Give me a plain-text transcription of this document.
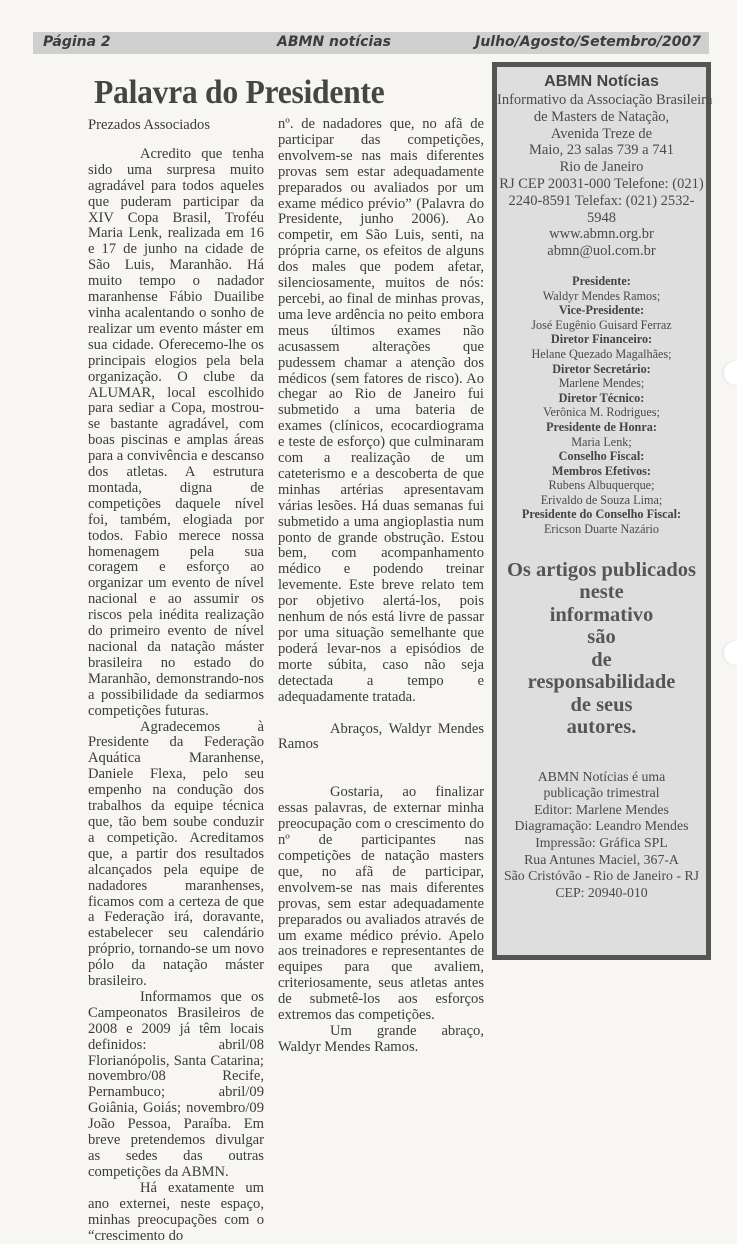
Página 2	ABMN notícias	Julho/Agosto/Setembro/2007
Palavra do Presidente

Prezados Associados

Acredito que tenha sido uma surpresa muito agradável para todos aqueles que puderam participar da XIV Copa Brasil, Troféu Maria Lenk, realizada em 16 e 17 de junho na cidade de São Luis, Maranhão. Há muito tempo o nadador maranhense Fábio Duailibe vinha acalentando o sonho de realizar um evento máster em sua cidade. Oferecemo-lhe os principais elogios pela bela organização. O clube da ALUMAR, local escolhido para sediar a Copa, mostrou-se bastante agradável, com boas piscinas e amplas áreas para a convivência e descanso dos atletas. A estrutura montada, digna de competições daquele nível foi, também, elogiada por todos. Fabio merece nossa homenagem pela sua coragem e esforço ao organizar um evento de nível nacional e ao assumir os riscos pela inédita realização do primeiro evento de nível nacional da natação máster brasileira no estado do Maranhão, demonstrando-nos a possibilidade da sediarmos competições futuras.

Agradecemos à Presidente da Federação Aquática Maranhense, Daniele Flexa, pelo seu empenho na condução dos trabalhos da equipe técnica que, tão bem soube conduzir a competição. Acreditamos que, a partir dos resultados alcançados pela equipe de nadadores maranhenses, ficamos com a certeza de que a Federação irá, doravante, estabelecer seu calendário próprio, tornando-se um novo pólo da natação máster brasileiro.

Informamos que os Campeonatos Brasileiros de 2008 e 2009 já têm locais definidos: abril/08 Florianópolis, Santa Catarina; novembro/08 Recife, Pernambuco; abril/09 Goiânia, Goiás; novembro/09 João Pessoa, Paraíba. Em breve pretendemos divulgar as sedes das outras competições da ABMN.

Há exatamente um ano externei, neste espaço, minhas preocupações com o “crescimento do

nº. de nadadores que, no afã de participar das competições, envolvem-se nas mais diferentes provas sem estar adequadamente preparados ou avaliados por um exame médico prévio” (Palavra do Presidente, junho 2006). Ao competir, em São Luis, senti, na própria carne, os efeitos de alguns dos males que podem afetar, silenciosamente, muitos de nós: percebi, ao final de minhas provas, uma leve ardência no peito embora meus últimos exames não acusassem alterações que pudessem chamar a atenção dos médicos (sem fatores de risco). Ao chegar ao Rio de Janeiro fui submetido a uma bateria de exames (clínicos, ecocardiograma e teste de esforço) que culminaram com a realização de um cateterismo e a descoberta de que minhas artérias apresentavam várias lesões. Há duas semanas fui submetido a uma angioplastia num ponto de grande obstrução. Estou bem, com acompanhamento médico e podendo treinar levemente. Este breve relato tem por objetivo alertá-los, pois nenhum de nós está livre de passar por uma situação semelhante que poderá levar-nos a episódios de morte súbita, caso não seja detectada a tempo e adequadamente tratada.

Abraços, Waldyr Mendes Ramos

Gostaria, ao finalizar essas palavras, de externar minha preocupação com o crescimento do nº de participantes nas competições de natação masters que, no afã de participar, envolvem-se nas mais diferentes provas, sem estar adequadamente preparados ou avaliados através de um exame médico prévio. Apelo aos treinadores e representantes de equipes para que avaliem, criteriosamente, seus atletas antes de submetê-los aos esforços extremos das competições.

Um grande abraço, Waldyr Mendes Ramos.

ABMN Notícias
Informativo da Associação Brasileira
de Masters de Natação,
Avenida Treze de
Maio, 23 salas 739 a 741
Rio de Janeiro
RJ CEP 20031-000 Telefone: (021)
2240-8591 Telefax: (021) 2532-
5948
www.abmn.org.br
abmn@uol.com.br
Presidente:
Waldyr Mendes Ramos;
Vice-Presidente:
José Eugênio Guisard Ferraz
Diretor Financeiro:
Helane Quezado Magalhães;
Diretor Secretário:
Marlene Mendes;
Diretor Técnico:
Verônica M. Rodrigues;
Presidente de Honra:
Maria Lenk;
Conselho Fiscal:
Membros Efetivos:
Rubens Albuquerque;
Erivaldo de Souza Lima;
Presidente do Conselho Fiscal:
Ericson Duarte Nazário
Os artigos publicados
neste
informativo
são
de
responsabilidade
de seus
autores.
ABMN Notícias é uma
publicação trimestral
Editor: Marlene Mendes
Diagramação: Leandro Mendes
Impressão: Gráfica SPL
Rua Antunes Maciel, 367-A
São Cristóvão - Rio de Janeiro - RJ
CEP: 20940-010
